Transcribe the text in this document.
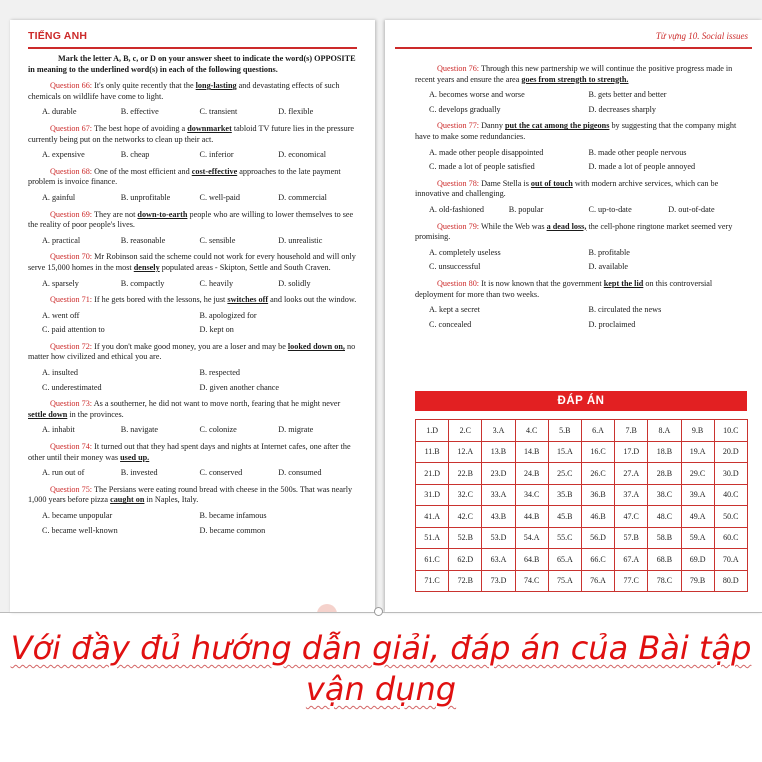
TIẾNG ANH

Mark the letter A, B, c, or D on your answer sheet to indicate the word(s) OPPOSITE in meaning to the underlined word(s) in each of the following questions.

Question 66: It's only quite recently that the long-lasting and devastating effects of such chemicals on wildlife have come to light.

A. durable	B. effective	C. transient	D. flexible

Question 67: The best hope of avoiding a downmarket tabloid TV future lies in the pressure currently being put on the networks to clean up their act.

A. expensive	B. cheap	C. inferior	D. economical

Question 68: One of the most efficient and cost-effective approaches to the late payment problem is invoice finance.

A. gainful	B. unprofitable	C. well-paid	D. commercial

Question 69: They are not down-to-earth people who are willing to lower themselves to see the reality of poor people's lives.

A. practical	B. reasonable	C. sensible	D. unrealistic

Question 70: Mr Robinson said the scheme could not work for every household and will only serve 15,000 homes in the most densely populated areas - Skipton, Settle and South Craven.

A. sparsely	B. compactly	C. heavily	D. solidly

Question 71: If he gets bored with the lessons, he just switches off and looks out the window.

A. went off	B. apologized for
C. paid attention to	D. kept on

Question 72: If you don't make good money, you are a loser and may be looked down on, no matter how civilized and ethical you are.

A. insulted	B. respected
C. underestimated	D. given another chance

Question 73: As a southerner, he did not want to move north, fearing that he might never settle down in the provinces.

A. inhabit	B. navigate	C. colonize	D. migrate

Question 74: It turned out that they had spent days and nights at Internet cafes, one after the other until their money was used up.

A. run out of	B. invested	C. conserved	D. consumed

Question 75: The Persians were eating round bread with cheese in the 500s. That was nearly 1,000 years before pizza caught on in Naples, Italy.

A. became unpopular	B. became infamous
C. became well-known	D. became common
Từ vựng 10. Social issues

Question 76: Through this new partnership we will continue the positive progress made in recent years and ensure the area goes from strength to strength.

A. becomes worse and worse	B. gets better and better
C. develops gradually	D. decreases sharply

Question 77: Danny put the cat among the pigeons by suggesting that the company might have to make some redundancies.

A. made other people disappointed	B. made other people nervous
C. made a lot of people satisfied	D. made a lot of people annoyed

Question 78: Dame Stella is out of touch with modern archive services, which can be innovative and challenging.

A. old-fashioned	B. popular	C. up-to-date	D. out-of-date

Question 79: While the Web was a dead loss, the cell-phone ringtone market seemed very promising.

A. completely useless	B. profitable
C. unsuccessful	D. available

Question 80: It is now known that the government kept the lid on this controversial deployment for more than two weeks.

A. kept a secret	B. circulated the news
C. concealed	D. proclaimed
ĐÁP ÁN
1.D	2.C	3.A	4.C	5.B	6.A	7.B	8.A	9.B	10.C
11.B	12.A	13.B	14.B	15.A	16.C	17.D	18.B	19.A	20.D
21.D	22.B	23.D	24.B	25.C	26.C	27.A	28.B	29.C	30.D
31.D	32.C	33.A	34.C	35.B	36.B	37.A	38.C	39.A	40.C
41.A	42.C	43.B	44.B	45.B	46.B	47.C	48.C	49.A	50.C
51.A	52.B	53.D	54.A	55.C	56.D	57.B	58.B	59.A	60.C
61.C	62.D	63.A	64.B	65.A	66.C	67.A	68.B	69.D	70.A
71.C	72.B	73.D	74.C	75.A	76.A	77.C	78.C	79.B	80.D
Với đầy đủ hướng dẫn giải, đáp án của Bài tập vận dụng
